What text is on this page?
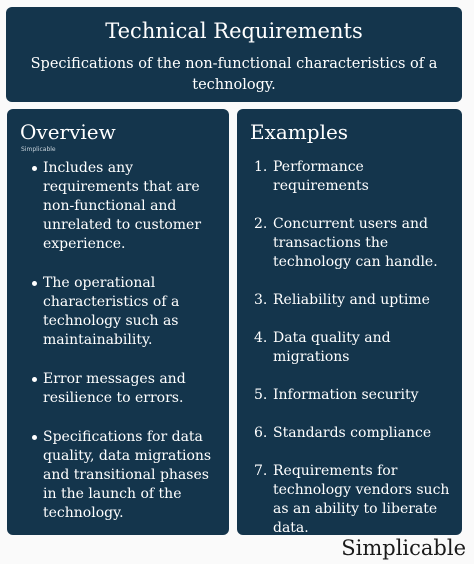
Technical Requirements
Specifications of the non-functional characteristics of a technology.
Overview
Simplicable
Includes any requirements that are non-functional and unrelated to customer experience.
The operational characteristics of a technology such as maintainability.
Error messages and resilience to errors.
Specifications for data quality, data migrations and transitional phases in the launch of the technology.
Examples
1. Performance requirements
2. Concurrent users and transactions the technology can handle.
3. Reliability and uptime
4. Data quality and migrations
5. Information security
6. Standards compliance
7. Requirements for technology vendors such as an ability to liberate data.
Simplicable
